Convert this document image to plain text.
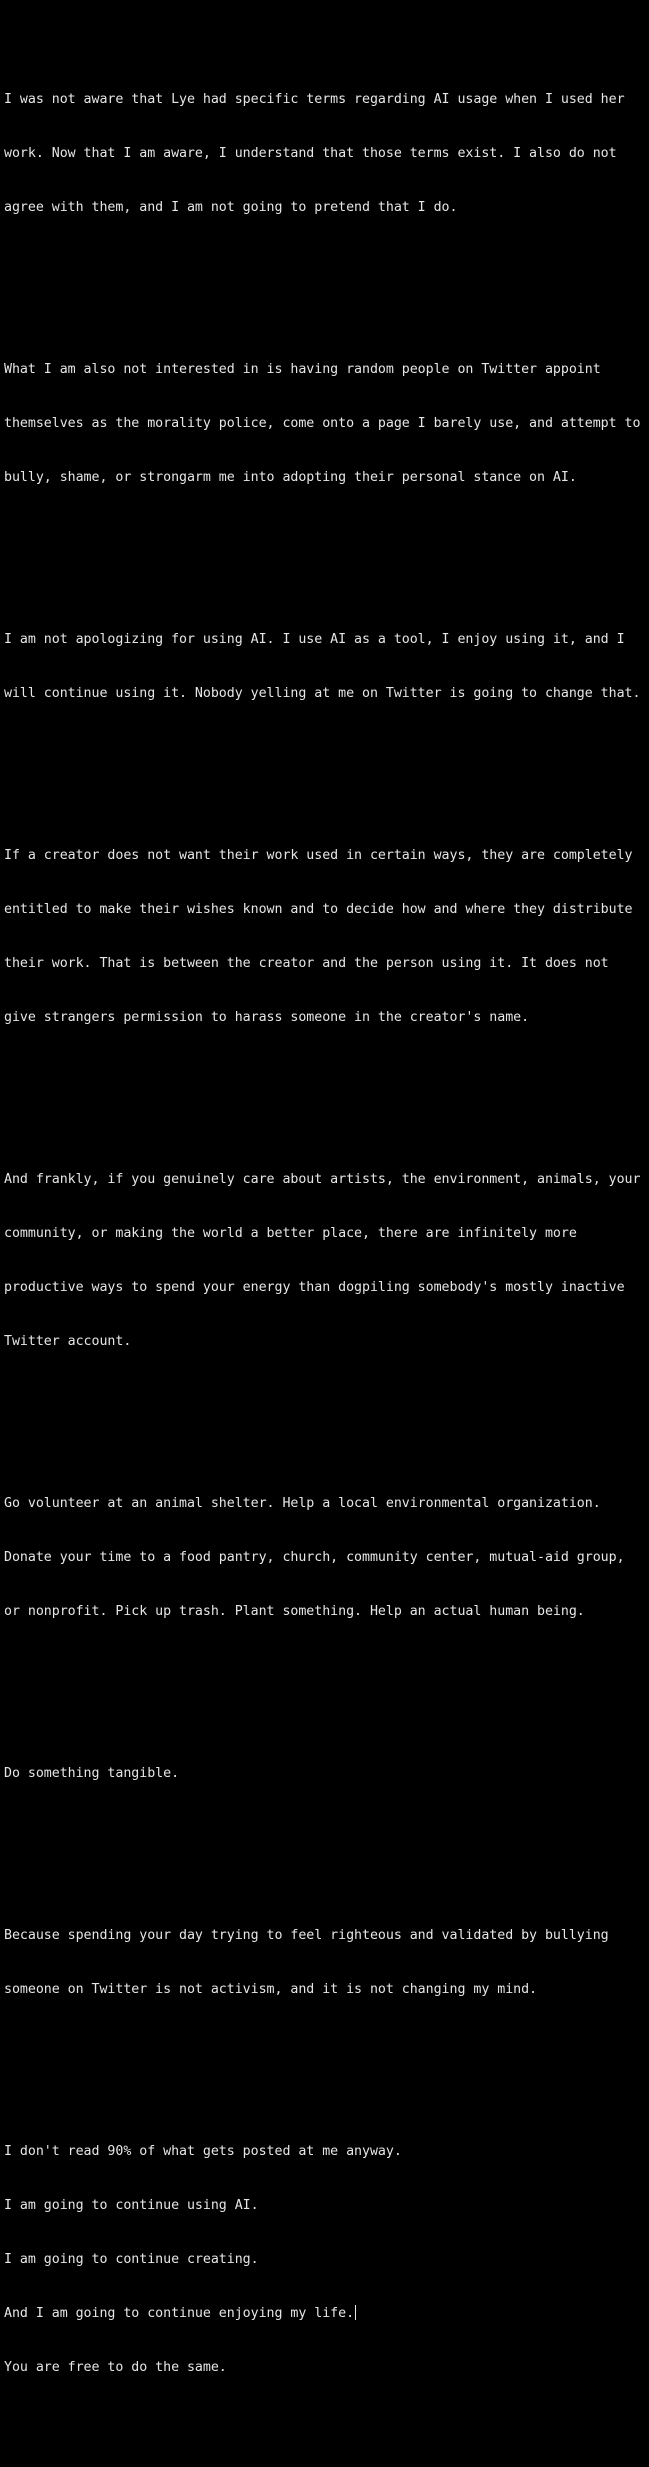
I was not aware that Lye had specific terms regarding AI usage when I used her

work. Now that I am aware, I understand that those terms exist. I also do not

agree with them, and I am not going to pretend that I do.

What I am also not interested in is having random people on Twitter appoint

themselves as the morality police, come onto a page I barely use, and attempt to

bully, shame, or strongarm me into adopting their personal stance on AI.

I am not apologizing for using AI. I use AI as a tool, I enjoy using it, and I

will continue using it. Nobody yelling at me on Twitter is going to change that.

If a creator does not want their work used in certain ways, they are completely

entitled to make their wishes known and to decide how and where they distribute

their work. That is between the creator and the person using it. It does not

give strangers permission to harass someone in the creator's name.

And frankly, if you genuinely care about artists, the environment, animals, your

community, or making the world a better place, there are infinitely more

productive ways to spend your energy than dogpiling somebody's mostly inactive

Twitter account.

Go volunteer at an animal shelter. Help a local environmental organization.

Donate your time to a food pantry, church, community center, mutual-aid group,

or nonprofit. Pick up trash. Plant something. Help an actual human being.

Do something tangible.

Because spending your day trying to feel righteous and validated by bullying

someone on Twitter is not activism, and it is not changing my mind.

I don't read 90% of what gets posted at me anyway.

I am going to continue using AI.

I am going to continue creating.

And I am going to continue enjoying my life.

You are free to do the same.
